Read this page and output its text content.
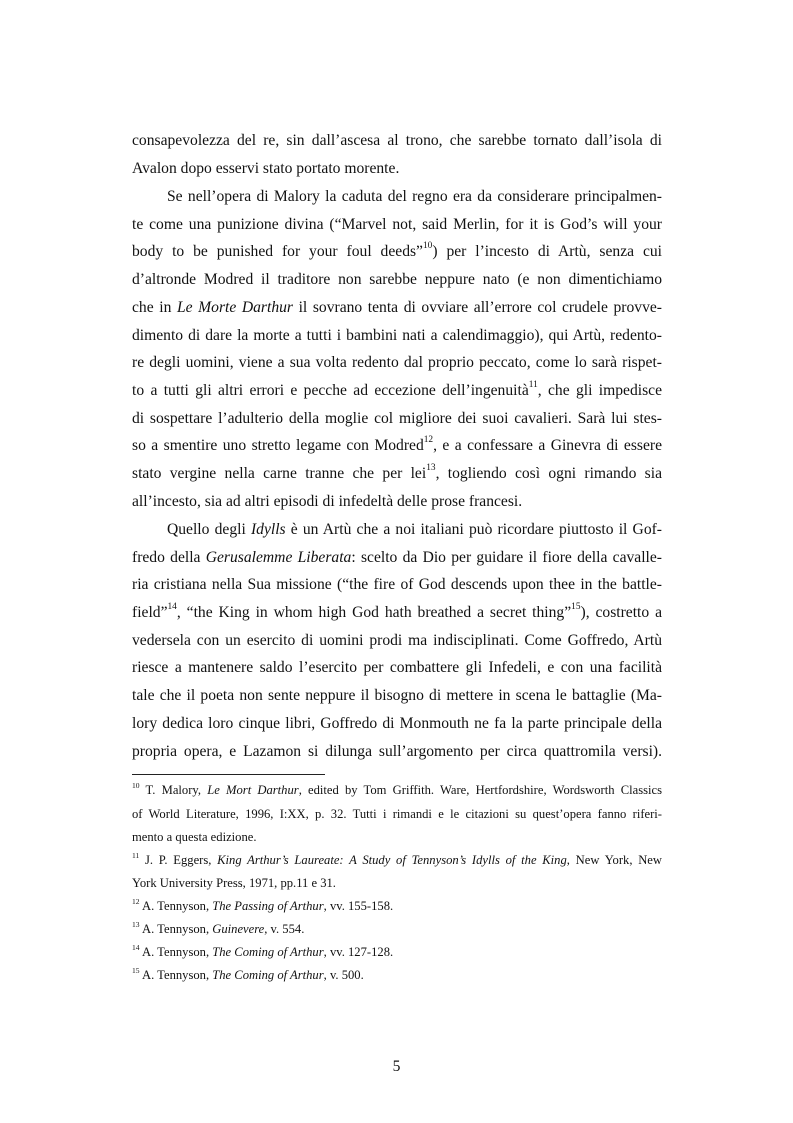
consapevolezza del re, sin dall’ascesa al trono, che sarebbe tornato dall’isola di
Avalon dopo esservi stato portato morente.
Se nell’opera di Malory la caduta del regno era da considerare principalmen-
te come una punizione divina (“Marvel not, said Merlin, for it is God’s will your
body to be punished for your foul deeds”$^{10}$) per l’incesto di Artù, senza cui
d’altronde Modred il traditore non sarebbe neppure nato (e non dimentichiamo
che in Le Morte Darthur il sovrano tenta di ovviare all’errore col crudele provve-
dimento di dare la morte a tutti i bambini nati a calendimaggio), qui Artù, redento-
re degli uomini, viene a sua volta redento dal proprio peccato, come lo sarà rispet-
to a tutti gli altri errori e pecche ad eccezione dell’ingenuità$^{11}$, che gli impedisce
di sospettare l’adulterio della moglie col migliore dei suoi cavalieri. Sarà lui stes-
so a smentire uno stretto legame con Modred$^{12}$, e a confessare a Ginevra di essere
stato vergine nella carne tranne che per lei$^{13}$, togliendo così ogni rimando sia
all’incesto, sia ad altri episodi di infedeltà delle prose francesi.
Quello degli Idylls è un Artù che a noi italiani può ricordare piuttosto il Gof-
fredo della Gerusalemme Liberata: scelto da Dio per guidare il fiore della cavalle-
ria cristiana nella Sua missione (“the fire of God descends upon thee in the battle-
field”$^{14}$, “the King in whom high God hath breathed a secret thing”$^{15}$), costretto a
vedersela con un esercito di uomini prodi ma indisciplinati. Come Goffredo, Artù
riesce a mantenere saldo l’esercito per combattere gli Infedeli, e con una facilità
tale che il poeta non sente neppure il bisogno di mettere in scena le battaglie (Ma-
lory dedica loro cinque libri, Goffredo di Monmouth ne fa la parte principale della
propria opera, e Lazamon si dilunga sull’argomento per circa quattromila versi).
$^{10}$ T. Malory, Le Mort Darthur, edited by Tom Griffith. Ware, Hertfordshire, Wordsworth Classics
of World Literature, 1996, I:XX, p. 32. Tutti i rimandi e le citazioni su quest’opera fanno riferi-
mento a questa edizione.
$^{11}$ J. P. Eggers, King Arthur’s Laureate: A Study of Tennyson’s Idylls of the King, New York, New
York University Press, 1971, pp.11 e 31.
$^{12}$ A. Tennyson, The Passing of Arthur, vv. 155-158.
$^{13}$ A. Tennyson, Guinevere, v. 554.
$^{14}$ A. Tennyson, The Coming of Arthur, vv. 127-128.
$^{15}$ A. Tennyson, The Coming of Arthur, v. 500.
5
